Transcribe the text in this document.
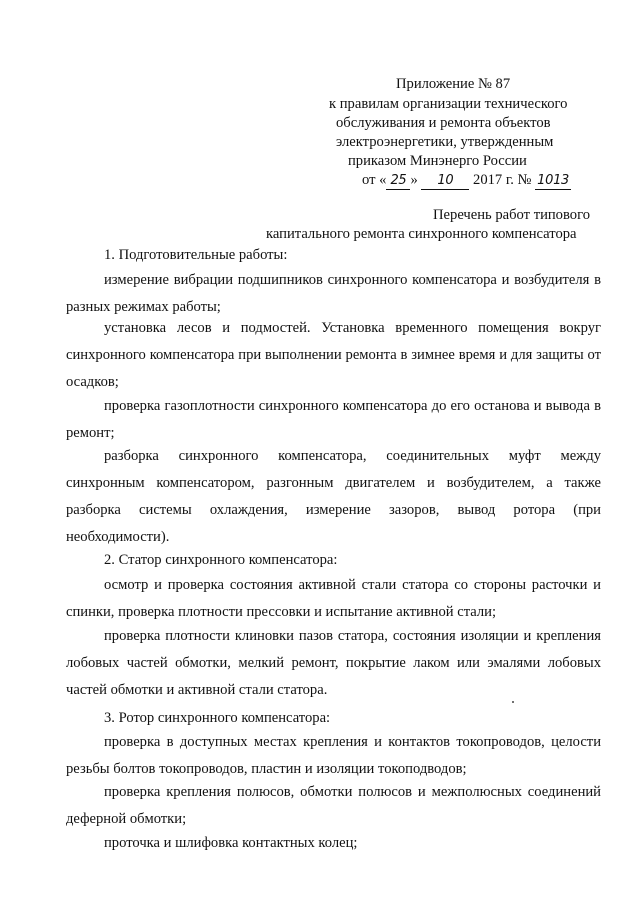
Приложение № 87
к правилам организации технического
обслуживания и ремонта объектов
электроэнергетики, утвержденным
приказом Минэнерго России
от « 25 » 10 2017 г. № 1013
Перечень работ типового
капитального ремонта синхронного компенсатора
1. Подготовительные работы:
измерение вибрации подшипников синхронного компенсатора и возбудителя в разных режимах работы;
установка лесов и подмостей. Установка временного помещения вокруг синхронного компенсатора при выполнении ремонта в зимнее время и для защиты от осадков;
проверка газоплотности синхронного компенсатора до его останова и вывода в ремонт;
разборка синхронного компенсатора, соединительных муфт между синхронным компенсатором, разгонным двигателем и возбудителем, а также разборка системы охлаждения, измерение зазоров, вывод ротора (при необходимости).
2. Статор синхронного компенсатора:
осмотр и проверка состояния активной стали статора со стороны расточки и спинки, проверка плотности прессовки и испытание активной стали;
проверка плотности клиновки пазов статора, состояния изоляции и крепления лобовых частей обмотки, мелкий ремонт, покрытие лаком или эмалями лобовых частей обмотки и активной стали статора.
3. Ротор синхронного компенсатора:
проверка в доступных местах крепления и контактов токопроводов, целости резьбы болтов токопроводов, пластин и изоляции токоподводов;
проверка крепления полюсов, обмотки полюсов и межполюсных соединений деферной обмотки;
проточка и шлифовка контактных колец;
